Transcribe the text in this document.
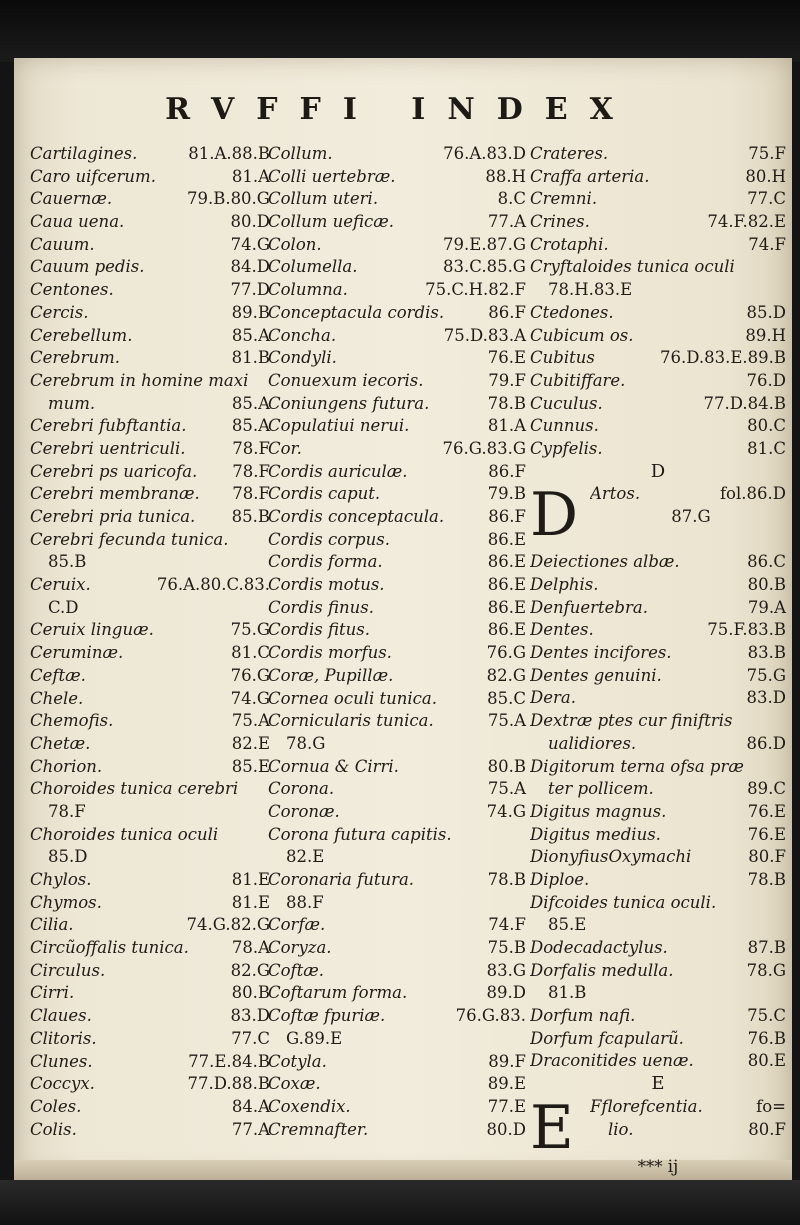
RVFFI INDEX
Cartilagines.	81.A.88.B
Caro uifcerum.	81.A
Cauernæ.	79.B.80.G
Caua uena.	80.D
Cauum.	74.G
Cauum pedis.	84.D
Centones.	77.D
Cercis.	89.B
Cerebellum.	85.A
Cerebrum.	81.B
Cerebrum in homine maxi
mum.	85.A
Cerebri fubftantia.	85.A
Cerebri uentriculi.	78.F
Cerebri ps uaricofa.	78.F
Cerebri membranæ.	78.F
Cerebri pria tunica.	85.B
Cerebri fecunda tunica.
85.B
Ceruix.	76.A.80.C.83.
C.D
Ceruix linguæ.	75.G
Ceruminæ.	81.C
Ceftæ.	76.G
Chele.	74.G
Chemofis.	75.A
Chetæ.	82.E
Chorion.	85.E
Choroides tunica cerebri
78.F
Choroides tunica oculi
85.D
Chylos.	81.E
Chymos.	81.E
Cilia.	74.G.82.G
Circũoffalis tunica.	78.A
Circulus.	82.G
Cirri.	80.B
Claues.	83.D
Clitoris.	77.C
Clunes.	77.E.84.B
Coccyx.	77.D.88.B
Coles.	84.A
Colis.	77.A
Collum.	76.A.83.D
Colli uertebræ.	88.H
Collum uteri.	8.C
Collum ueficæ.	77.A
Colon.	79.E.87.G
Columella.	83.C.85.G
Columna.	75.C.H.82.F
Conceptacula cordis.	86.F
Concha.	75.D.83.A
Condyli.	76.E
Conuexum iecoris.	79.F
Coniungens futura.	78.B
Copulatiui nerui.	81.A
Cor.	76.G.83.G
Cordis auriculæ.	86.F
Cordis caput.	79.B
Cordis conceptacula.	86.F
Cordis corpus.	86.E
Cordis forma.	86.E
Cordis motus.	86.E
Cordis finus.	86.E
Cordis fitus.	86.E
Cordis morfus.	76.G
Coræ, Pupillæ.	82.G
Cornea oculi tunica.	85.C
Cornicularis tunica.	75.A
78.G
Cornua & Cirri.	80.B
Corona.	75.A
Coronæ.	74.G
Corona futura capitis.
82.E
Coronaria futura.	78.B
88.F
Corfæ.	74.F
Coryza.	75.B
Coftæ.	83.G
Coftarum forma.	89.D
Coftæ fpuriæ.	76.G.83.
G.89.E
Cotyla.	89.F
Coxæ.	89.E
Coxendix.	77.E
Cremnafter.	80.D
Crateres.	75.F
Craffa arteria.	80.H
Cremni.	77.C
Crines.	74.F.82.E
Crotaphi.	74.F
Cryftaloides tunica oculi
78.H.83.E
Ctedones.	85.D
Cubicum os.	89.H
Cubitus	76.D.83.E.89.B
Cubitiffare.	76.D
Cuculus.	77.D.84.B
Cunnus.	80.C
Cypfelis.	81.C
D
D Artos.	fol.86.D
87.G
Deiectiones albæ.	86.C
Delphis.	80.B
Denfuertebra.	79.A
Dentes.	75.F.83.B
Dentes incifores.	83.B
Dentes genuini.	75.G
Dera.	83.D
Dextræ ptes cur finiftris
ualidiores.	86.D
Digitorum terna ofsa præ
ter pollicem.	89.C
Digitus magnus.	76.E
Digitus medius.	76.E
DionyfiusOxymachi	80.F
Diploe.	78.B
Difcoides tunica oculi.
85.E
Dodecadactylus.	87.B
Dorfalis medulla.	78.G
81.B
Dorfum nafi.	75.C
Dorfum fcapularũ.	76.B
Draconitides uenæ.	80.E
E
E Fflorefcentia.	fo=
lio.	80.F
*** ij
